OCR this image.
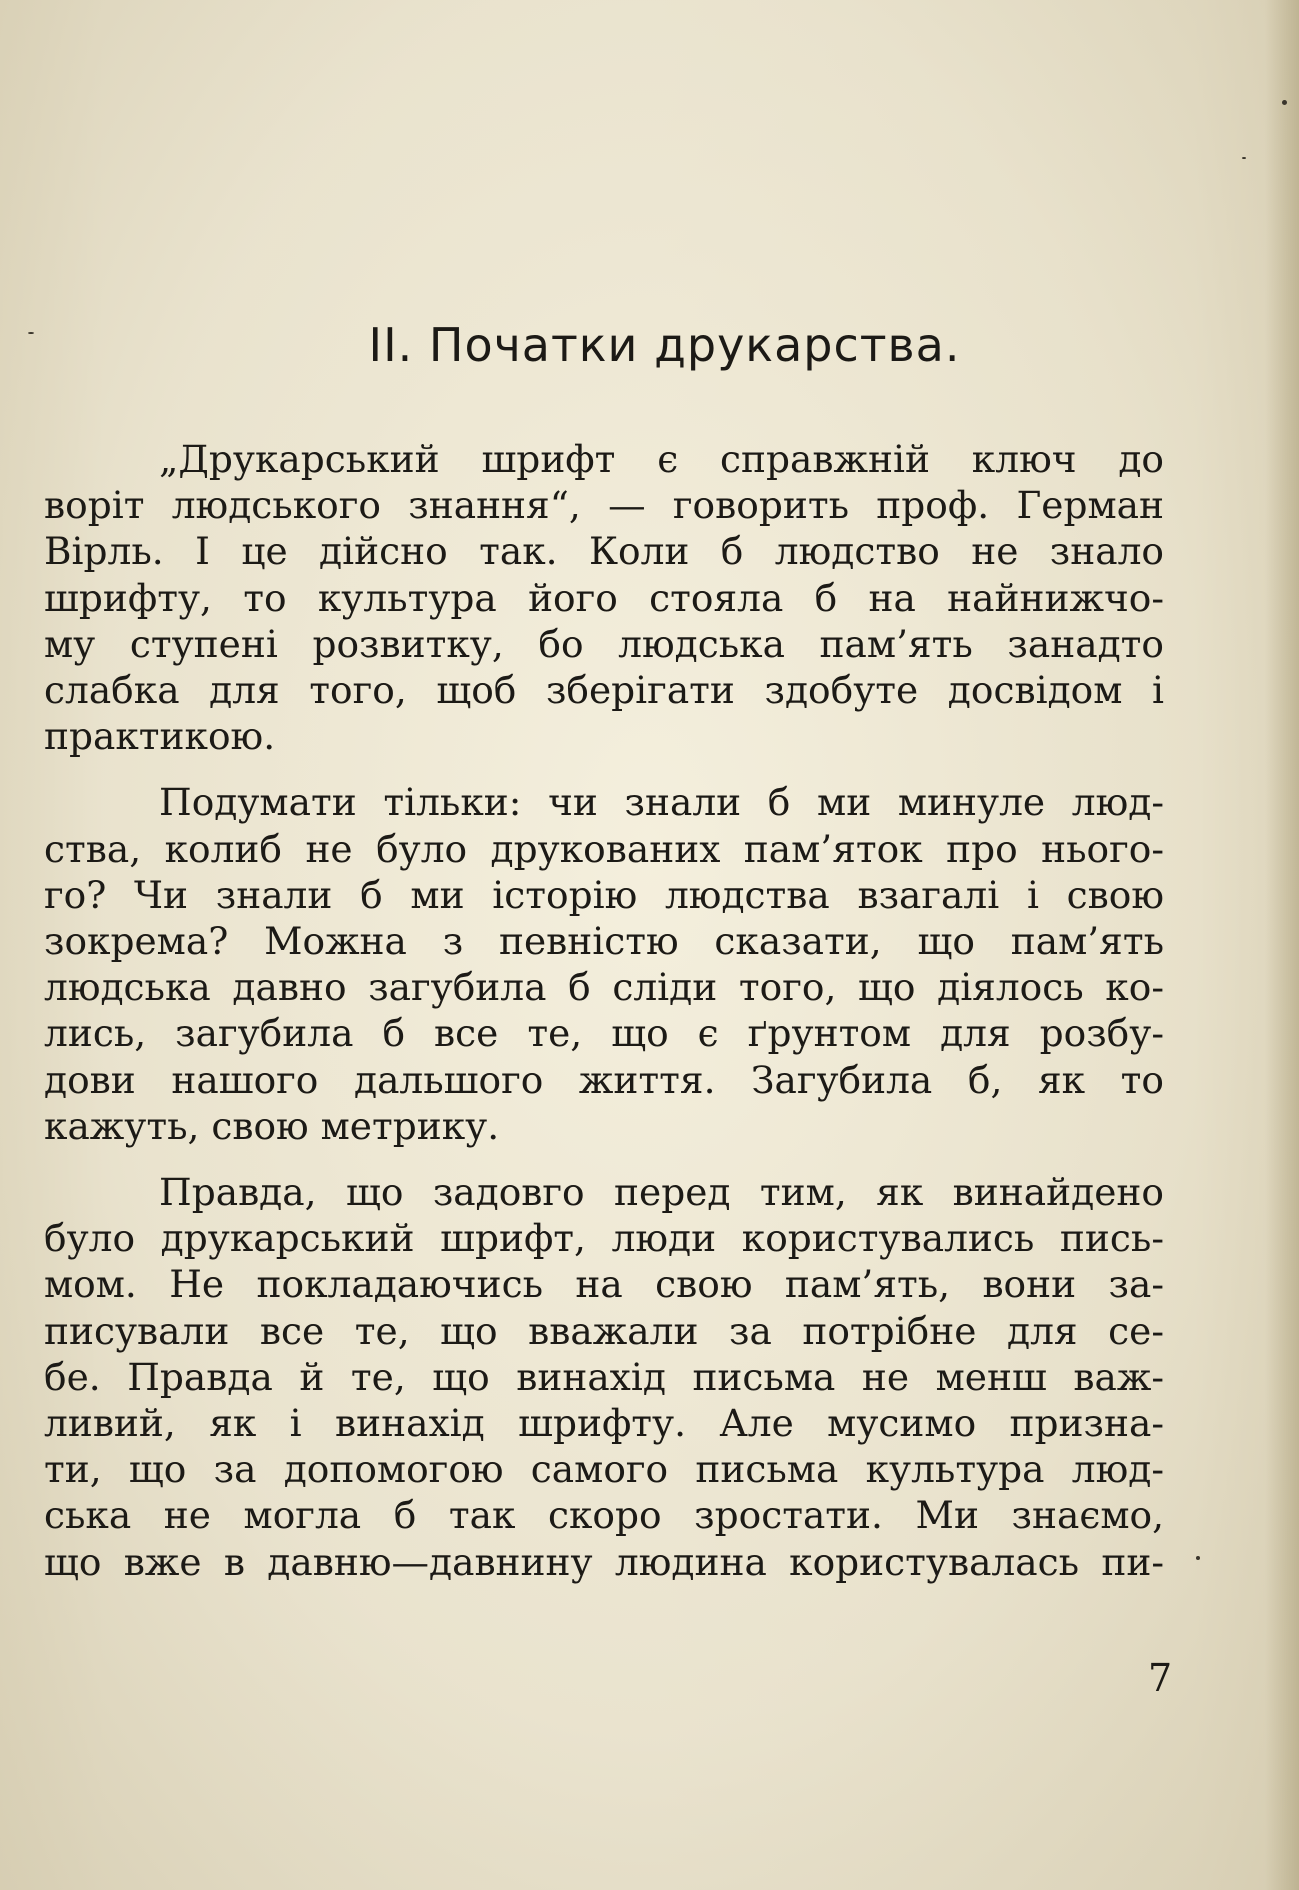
II. Початки друкарства.

„Друкарський шрифт є справжній ключ до
воріт людського знання“, — говорить проф. Герман
Вірль. І це дійсно так. Коли б людство не знало
шрифту, то культура його стояла б на найнижчо-
му ступені розвитку, бо людська пам’ять занадто
слабка для того, щоб зберігати здобуте досвідом і
практикою.

Подумати тільки: чи знали б ми минуле люд-
ства, колиб не було друкованих пам’яток про нього-
го? Чи знали б ми історію людства взагалі і свою
зокрема? Можна з певністю сказати, що пам’ять
людська давно загубила б сліди того, що діялось ко-
лись, загубила б все те, що є ґрунтом для розбу-
дови нашого дальшого життя. Загубила б, як то
кажуть, свою метрику.

Правда, що задовго перед тим, як винайдено
було друкарський шрифт, люди користувались пись-
мом. Не покладаючись на свою пам’ять, вони за-
писували все те, що вважали за потрібне для се-
бе. Правда й те, що винахід письма не менш важ-
ливий, як і винахід шрифту. Але мусимо призна-
ти, що за допомогою самого письма культура люд-
ська не могла б так скоро зростати. Ми знаємо,
що вже в давню—давнину людина користувалась пи-

7
